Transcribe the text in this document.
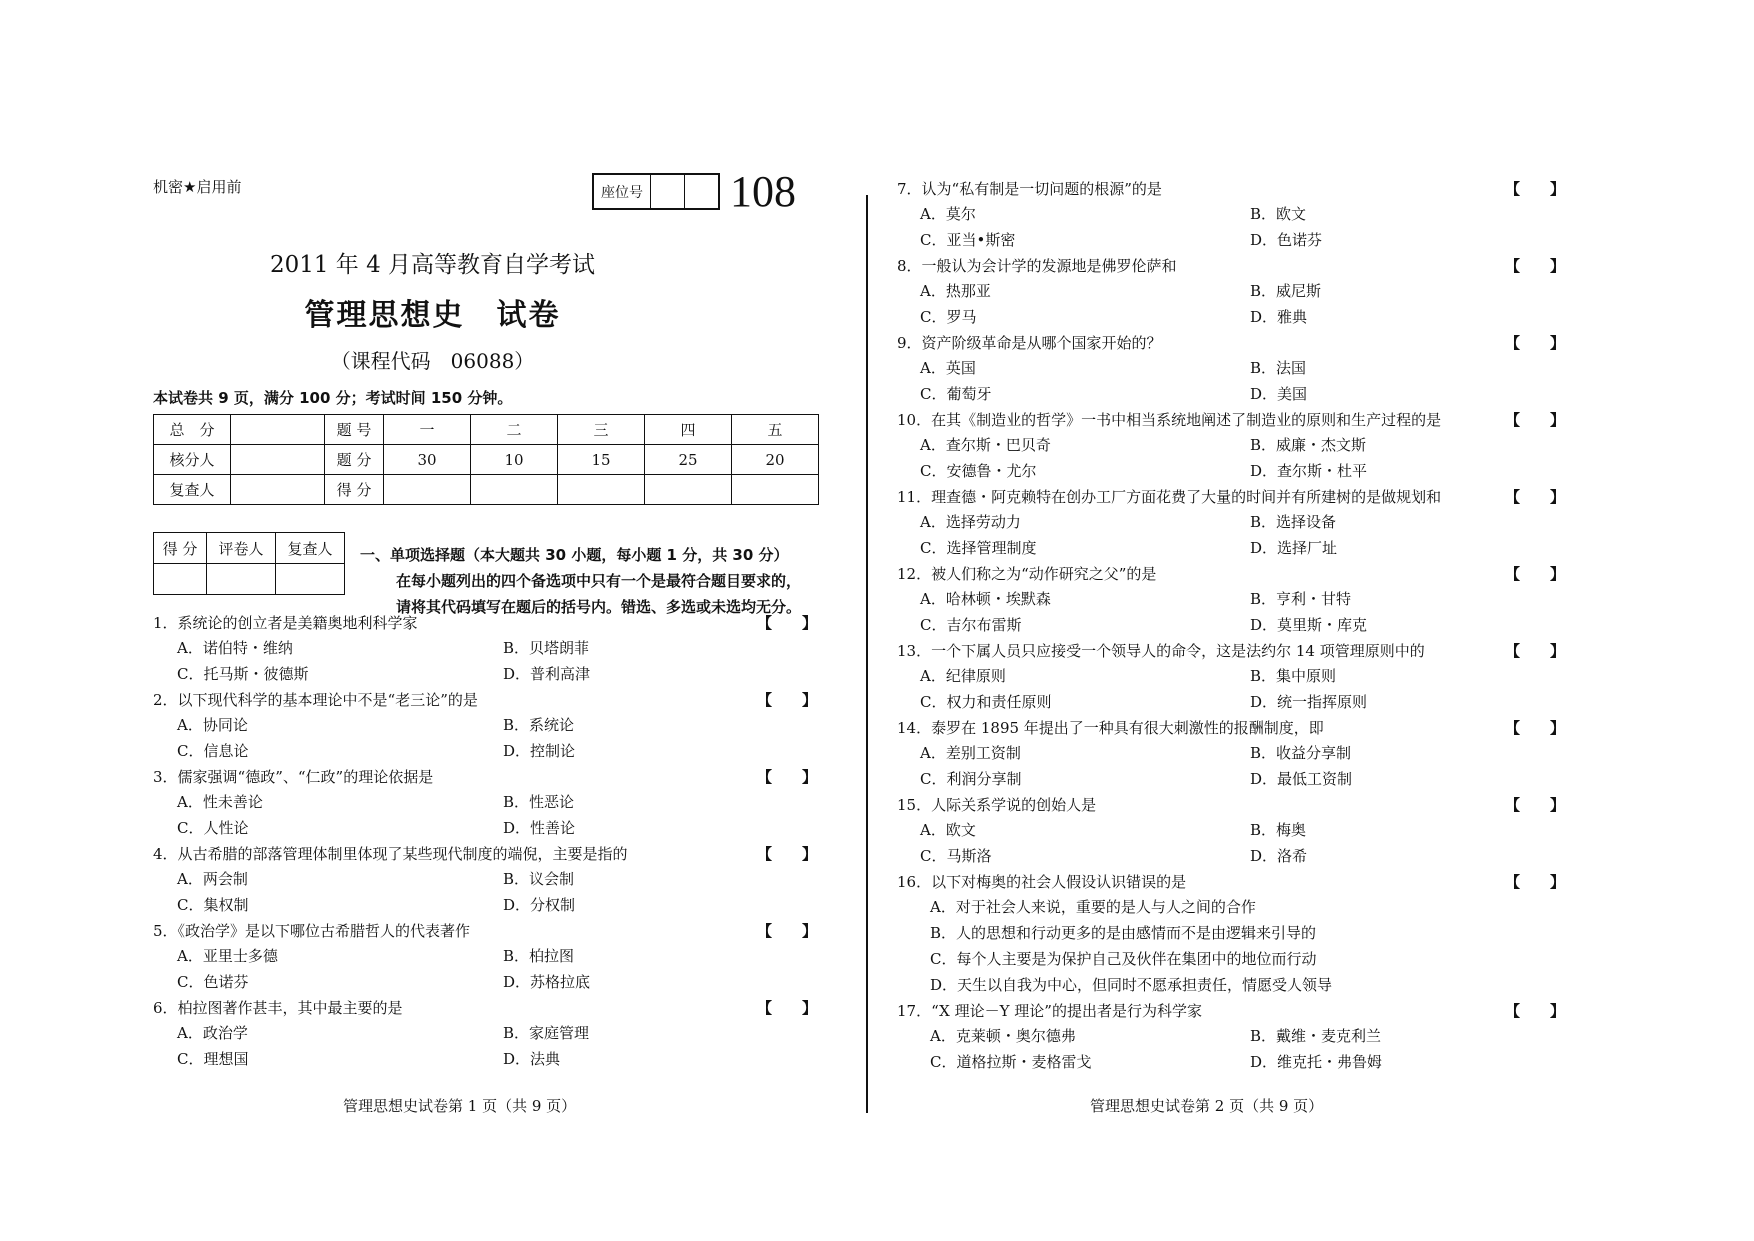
机密★启用前	座位号 108
2011 年 4 月高等教育自学考试
管理思想史　试卷
（课程代码　06088）
本试卷共 9 页，满分 100 分；考试时间 150 分钟。
总　分		题 号	一	二	三	四	五
核分人		题 分	30	10	15	25	20
复查人		得 分					
得 分	评卷人	复查人
		一、单项选择题（本大题共 30 小题，每小题 1 分，共 30 分）
在每小题列出的四个备选项中只有一个是最符合题目要求的，
请将其代码填写在题后的括号内。错选、多选或未选均无分。
1．系统论的创立者是美籍奥地利科学家	【　　】
A．诺伯特・维纳	B．贝塔朗菲
C．托马斯・彼德斯	D．普利高津
2．以下现代科学的基本理论中不是“老三论”的是	【　　】
A．协同论	B．系统论
C．信息论	D．控制论
3．儒家强调“德政”、“仁政”的理论依据是	【　　】
A．性未善论	B．性恶论
C．人性论	D．性善论
4．从古希腊的部落管理体制里体现了某些现代制度的端倪，主要是指的	【　　】
A．两会制	B．议会制
C．集权制	D．分权制
5．《政治学》是以下哪位古希腊哲人的代表著作	【　　】
A．亚里士多德	B．柏拉图
C．色诺芬	D．苏格拉底
6．柏拉图著作甚丰，其中最主要的是	【　　】
A．政治学	B．家庭管理
C．理想国	D．法典
7．认为“私有制是一切问题的根源”的是	【　　】
A．莫尔	B．欧文
C．亚当•斯密	D．色诺芬
8．一般认为会计学的发源地是佛罗伦萨和	【　　】
A．热那亚	B．威尼斯
C．罗马	D．雅典
9．资产阶级革命是从哪个国家开始的？	【　　】
A．英国	B．法国
C．葡萄牙	D．美国
10．在其《制造业的哲学》一书中相当系统地阐述了制造业的原则和生产过程的是	【　　】
A．查尔斯・巴贝奇	B．威廉・杰文斯
C．安德鲁・尤尔	D．查尔斯・杜平
11．理查德・阿克赖特在创办工厂方面花费了大量的时间并有所建树的是做规划和	【　　】
A．选择劳动力	B．选择设备
C．选择管理制度	D．选择厂址
12．被人们称之为“动作研究之父”的是	【　　】
A．哈林顿・埃默森	B．亨利・甘特
C．吉尔布雷斯	D．莫里斯・库克
13．一个下属人员只应接受一个领导人的命令，这是法约尔 14 项管理原则中的	【　　】
A．纪律原则	B．集中原则
C．权力和责任原则	D．统一指挥原则
14．泰罗在 1895 年提出了一种具有很大刺激性的报酬制度，即	【　　】
A．差别工资制	B．收益分享制
C．利润分享制	D．最低工资制
15．人际关系学说的创始人是	【　　】
A．欧文	B．梅奥
C．马斯洛	D．洛希
16．以下对梅奥的社会人假设认识错误的是	【　　】
A．对于社会人来说，重要的是人与人之间的合作
B．人的思想和行动更多的是由感情而不是由逻辑来引导的
C．每个人主要是为保护自己及伙伴在集团中的地位而行动
D．天生以自我为中心，但同时不愿承担责任，情愿受人领导
17．“X 理论－Y 理论”的提出者是行为科学家	【　　】
A．克莱顿・奥尔德弗	B．戴维・麦克利兰
C．道格拉斯・麦格雷戈	D．维克托・弗鲁姆
管理思想史试卷第 1 页（共 9 页）	管理思想史试卷第 2 页（共 9 页）
